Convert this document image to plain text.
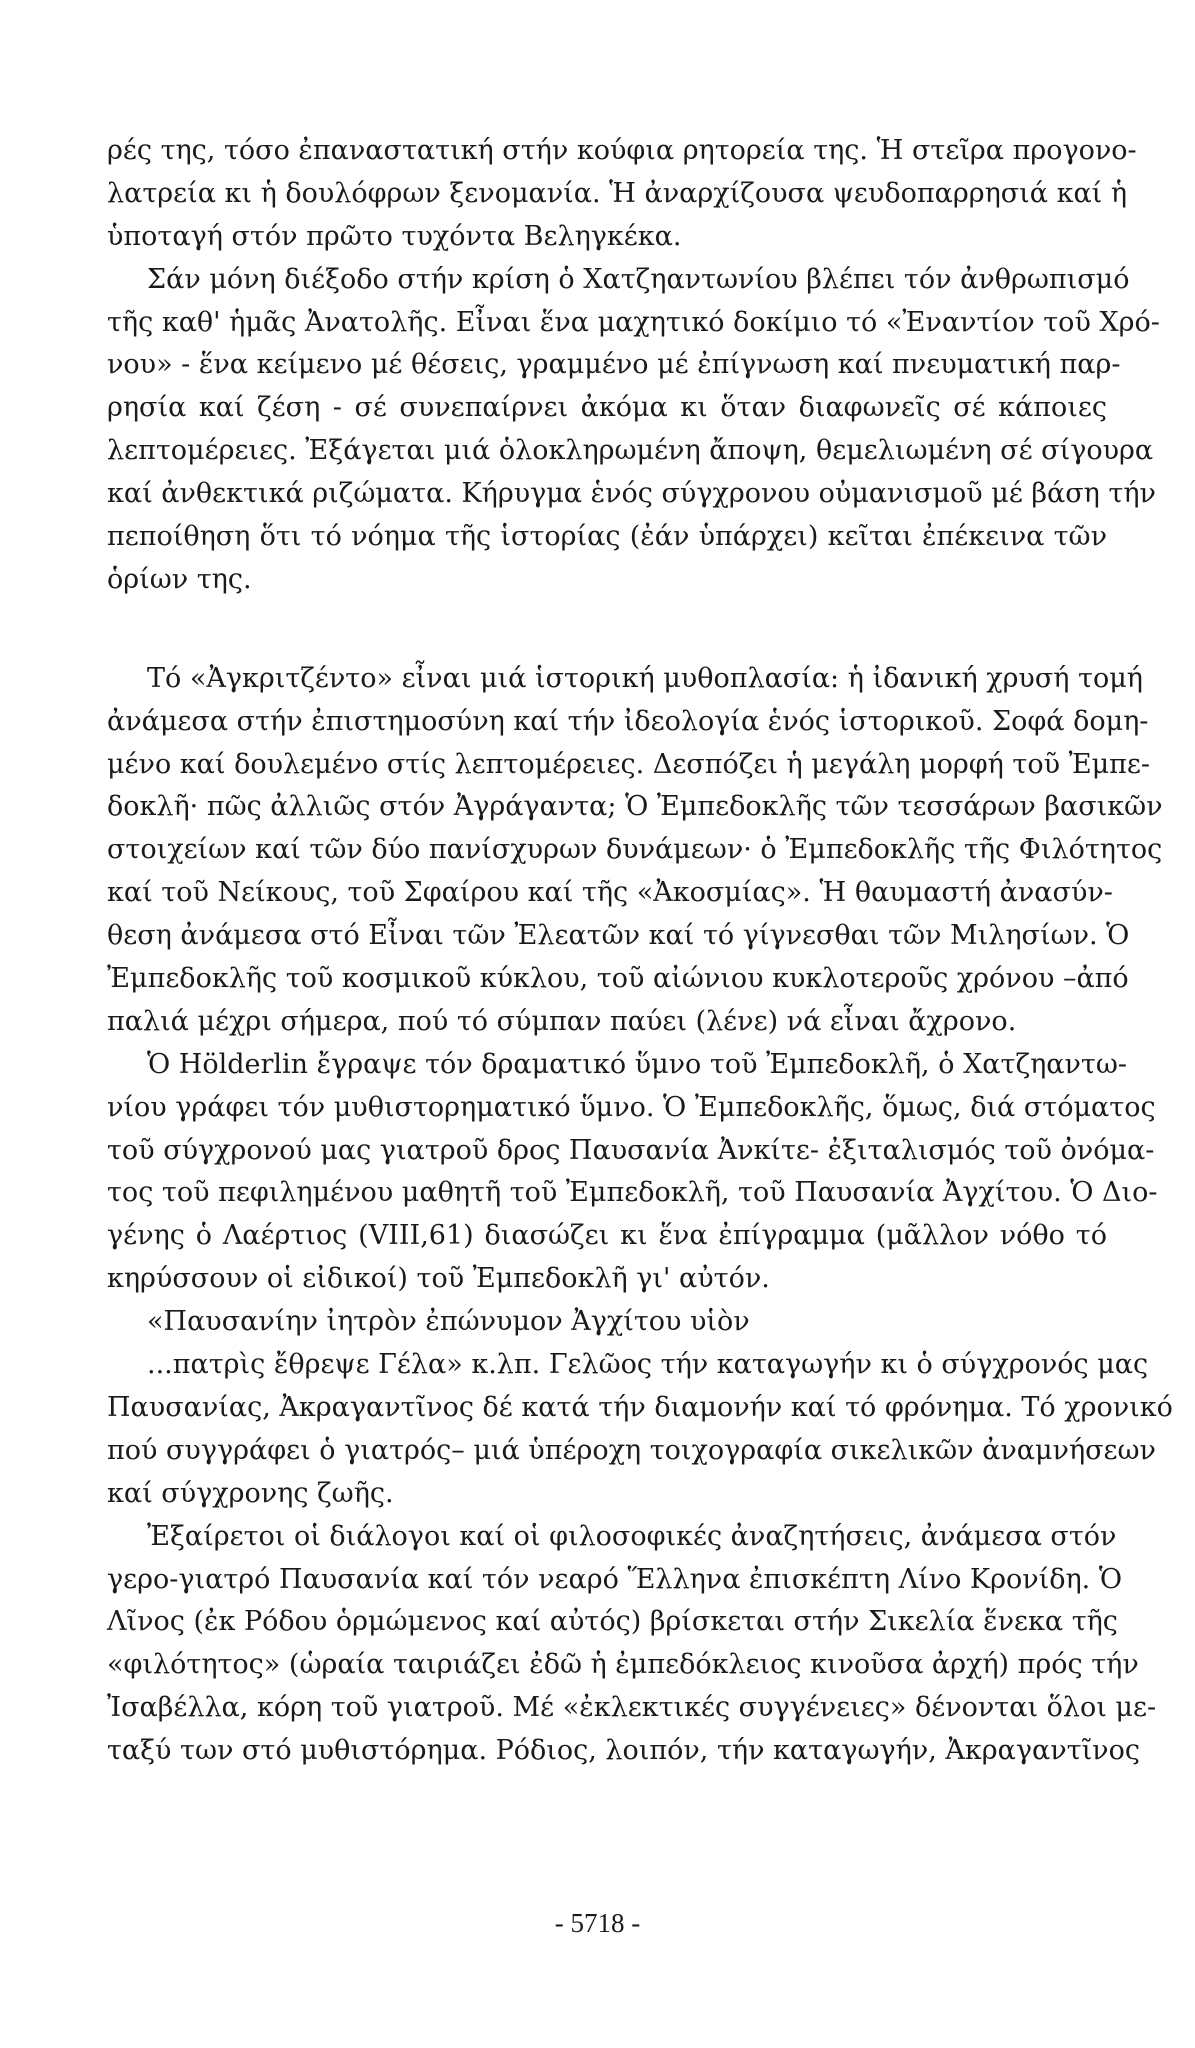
ρές της, τόσο ἐπαναστατική στήν κούφια ρητορεία της. Ἡ στεῖρα προγονο-
λατρεία κι ἡ δουλόφρων ξενομανία. Ἡ ἀναρχίζουσα ψευδοπαρρησιά καί ἡ
ὑποταγή στόν πρῶτο τυχόντα Βεληγκέκα.
Σάν μόνη διέξοδο στήν κρίση ὁ Χατζηαντωνίου βλέπει τόν ἀνθρωπισμό
τῆς καθ' ἡμᾶς Ἀνατολῆς. Εἶναι ἕνα μαχητικό δοκίμιο τό «Ἐναντίον τοῦ Χρό-
νου» - ἕνα κείμενο μέ θέσεις, γραμμένο μέ ἐπίγνωση καί πνευματική παρ-
ρησία καί ζέση - σέ συνεπαίρνει ἀκόμα κι ὅταν διαφωνεῖς σέ κάποιες
λεπτομέρειες. Ἐξάγεται μιά ὁλοκληρωμένη ἄποψη, θεμελιωμένη σέ σίγουρα
καί ἀνθεκτικά ριζώματα. Κήρυγμα ἑνός σύγχρονου οὐμανισμοῦ μέ βάση τήν
πεποίθηση ὅτι τό νόημα τῆς ἱστορίας (ἐάν ὑπάρχει) κεῖται ἐπέκεινα τῶν
ὁρίων της.
Τό «Ἀγκριτζέντο» εἶναι μιά ἱστορική μυθοπλασία: ἡ ἰδανική χρυσή τομή
ἀνάμεσα στήν ἐπιστημοσύνη καί τήν ἰδεολογία ἑνός ἱστορικοῦ. Σοφά δομη-
μένο καί δουλεμένο στίς λεπτομέρειες. Δεσπόζει ἡ μεγάλη μορφή τοῦ Ἐμπε-
δοκλῆ· πῶς ἀλλιῶς στόν Ἀγράγαντα; Ὁ Ἐμπεδοκλῆς τῶν τεσσάρων βασικῶν
στοιχείων καί τῶν δύο πανίσχυρων δυνάμεων· ὁ Ἐμπεδοκλῆς τῆς Φιλότητος
καί τοῦ Νείκους, τοῦ Σφαίρου καί τῆς «Ἀκοσμίας». Ἡ θαυμαστή ἀνασύν-
θεση ἀνάμεσα στό Εἶναι τῶν Ἐλεατῶν καί τό γίγνεσθαι τῶν Μιλησίων. Ὁ
Ἐμπεδοκλῆς τοῦ κοσμικοῦ κύκλου, τοῦ αἰώνιου κυκλοτεροῦς χρόνου –ἀπό
παλιά μέχρι σήμερα, πού τό σύμπαν παύει (λένε) νά εἶναι ἄχρονο.
Ὁ Hölderlin ἔγραψε τόν δραματικό ὕμνο τοῦ Ἐμπεδοκλῆ, ὁ Χατζηαντω-
νίου γράφει τόν μυθιστορηματικό ὕμνο. Ὁ Ἐμπεδοκλῆς, ὅμως, διά στόματος
τοῦ σύγχρονού μας γιατροῦ δρος Παυσανία Ἀνκίτε- ἐξιταλισμός τοῦ ὀνόμα-
τος τοῦ πεφιλημένου μαθητῆ τοῦ Ἐμπεδοκλῆ, τοῦ Παυσανία Ἀγχίτου. Ὁ Διο-
γένης ὁ Λαέρτιος (VIII,61) διασώζει κι ἕνα ἐπίγραμμα (μᾶλλον νόθο τό
κηρύσσουν οἱ εἰδικοί) τοῦ Ἐμπεδοκλῆ γι' αὐτόν.
«Παυσανίην ἰητρὸν ἐπώνυμον Ἀγχίτου υἱὸν
...πατρὶς ἔθρεψε Γέλα» κ.λπ. Γελῶος τήν καταγωγήν κι ὁ σύγχρονός μας
Παυσανίας, Ἀκραγαντῖνος δέ κατά τήν διαμονήν καί τό φρόνημα. Τό χρονικό
πού συγγράφει ὁ γιατρός– μιά ὑπέροχη τοιχογραφία σικελικῶν ἀναμνήσεων
καί σύγχρονης ζωῆς.
Ἐξαίρετοι οἱ διάλογοι καί οἱ φιλοσοφικές ἀναζητήσεις, ἀνάμεσα στόν
γερο-γιατρό Παυσανία καί τόν νεαρό Ἕλληνα ἐπισκέπτη Λίνο Κρονίδη. Ὁ
Λῖνος (ἐκ Ρόδου ὁρμώμενος καί αὐτός) βρίσκεται στήν Σικελία ἕνεκα τῆς
«φιλότητος» (ὡραία ταιριάζει ἐδῶ ἡ ἐμπεδόκλειος κινοῦσα ἀρχή) πρός τήν
Ἰσαβέλλα, κόρη τοῦ γιατροῦ. Μέ «ἐκλεκτικές συγγένειες» δένονται ὅλοι με-
ταξύ των στό μυθιστόρημα. Ρόδιος, λοιπόν, τήν καταγωγήν, Ἀκραγαντῖνος
- 5718 -
